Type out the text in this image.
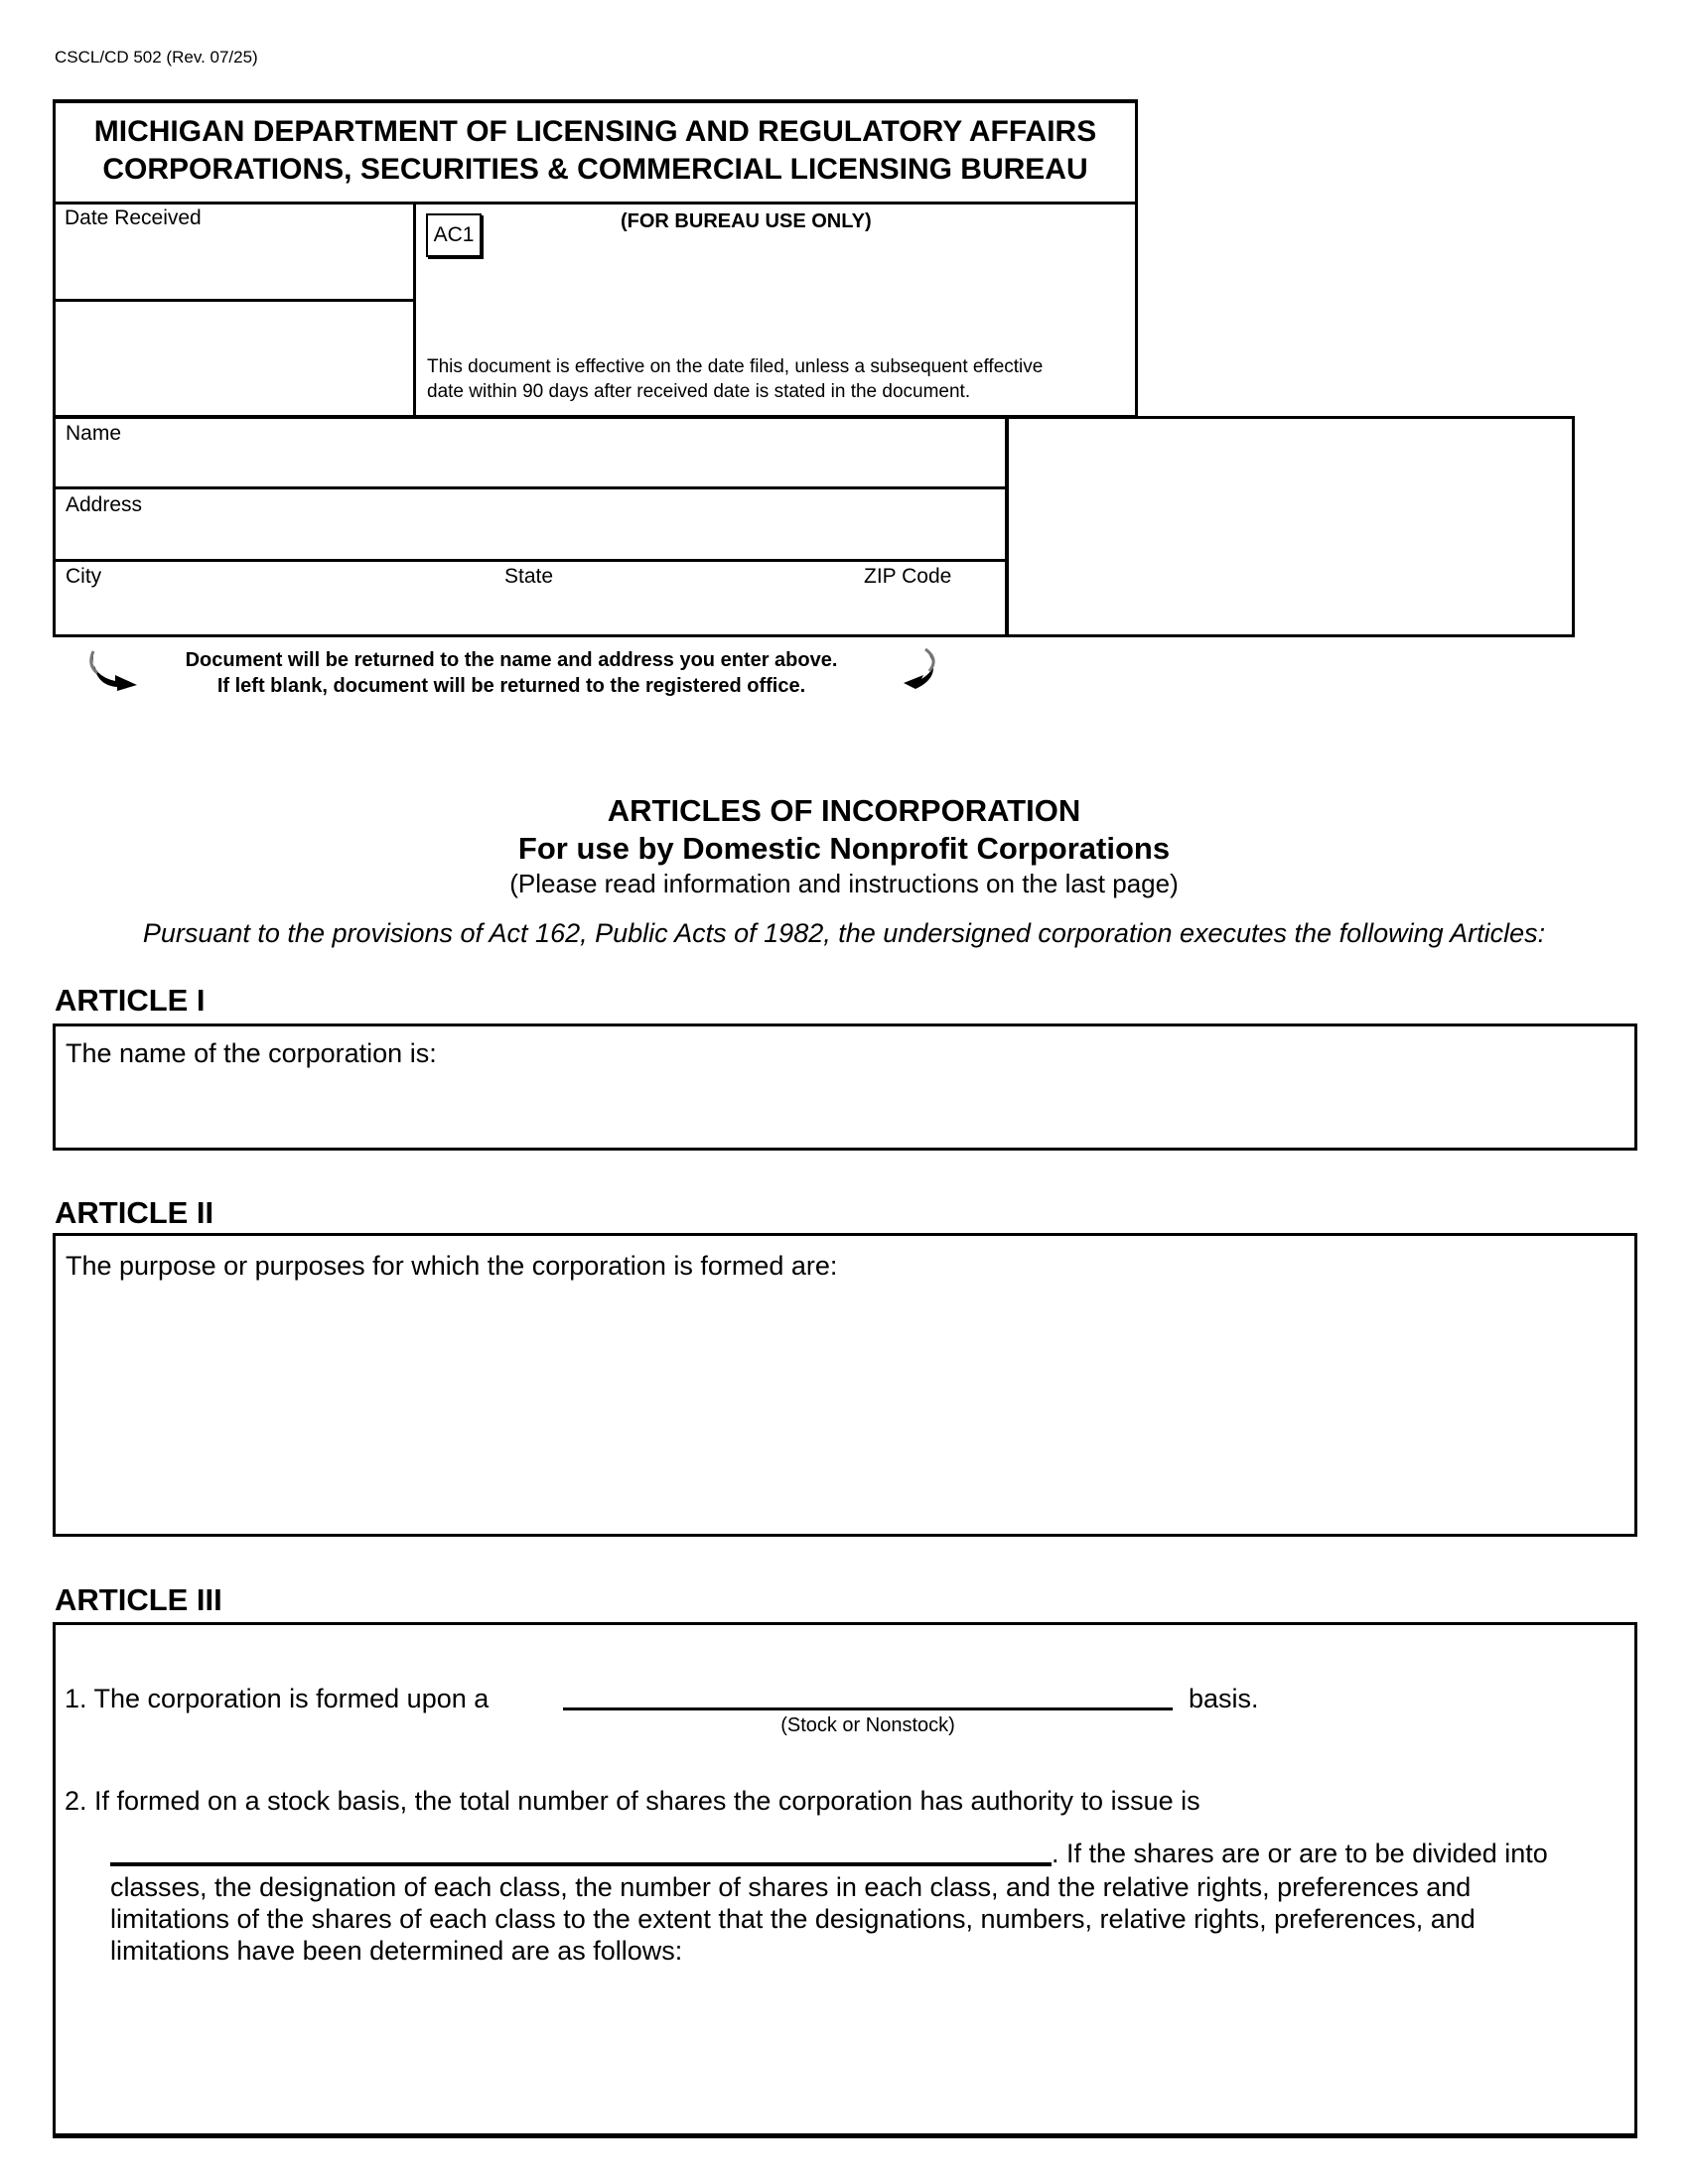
CSCL/CD 502 (Rev. 07/25)
MICHIGAN DEPARTMENT OF LICENSING AND REGULATORY AFFAIRS
CORPORATIONS, SECURITIES & COMMERCIAL LICENSING BUREAU
Date Received
AC1
(FOR BUREAU USE ONLY)
This document is effective on the date filed, unless a subsequent effective
date within 90 days after received date is stated in the document.
Name
Address
City	State	ZIP Code
Document will be returned to the name and address you enter above.
If left blank, document will be returned to the registered office.
ARTICLES OF INCORPORATION
For use by Domestic Nonprofit Corporations
(Please read information and instructions on the last page)
Pursuant to the provisions of Act 162, Public Acts of 1982, the undersigned corporation executes the following Articles:
ARTICLE I
The name of the corporation is:
ARTICLE II
The purpose or purposes for which the corporation is formed are:
ARTICLE III
1. The corporation is formed upon a	basis.
(Stock or Nonstock)
2. If formed on a stock basis, the total number of shares the corporation has authority to issue is
. If the shares are or are to be divided into
classes, the designation of each class, the number of shares in each class, and the relative rights, preferences and
limitations of the shares of each class to the extent that the designations, numbers, relative rights, preferences, and
limitations have been determined are as follows:
